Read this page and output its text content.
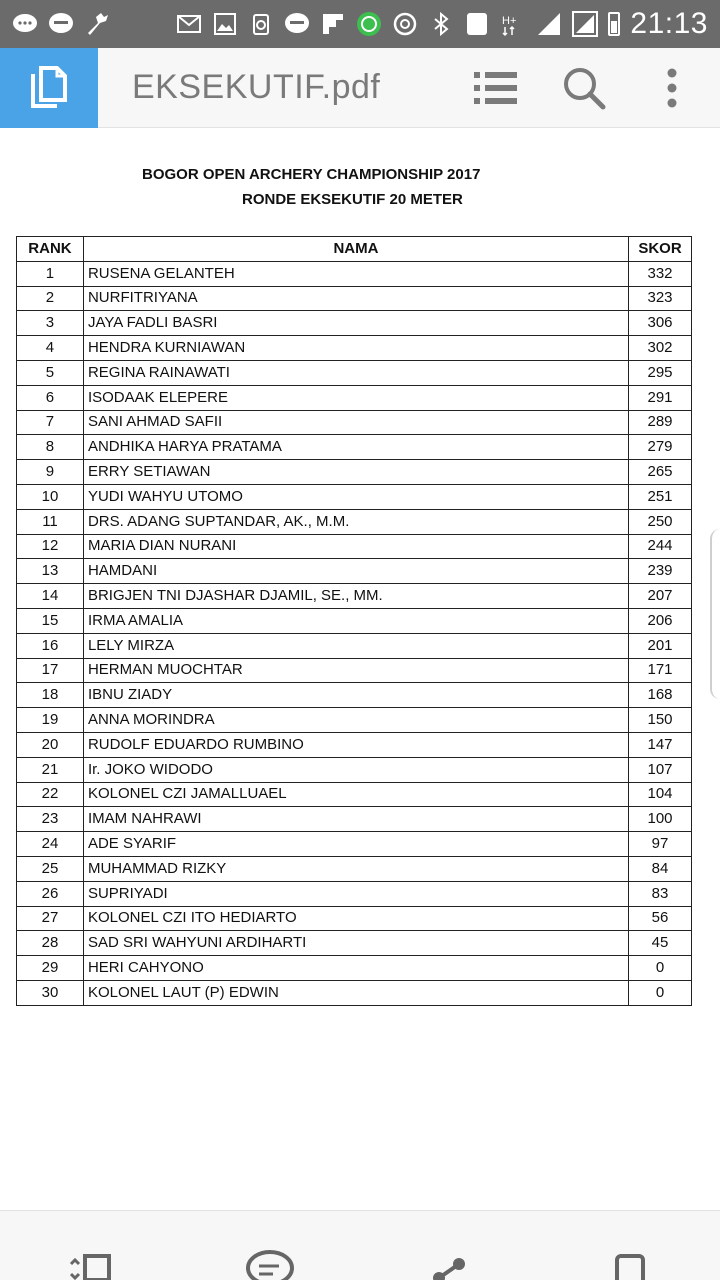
H+	21:13
EKSEKUTIF.pdf
BOGOR OPEN ARCHERY CHAMPIONSHIP 2017
RONDE EKSEKUTIF 20 METER
RANK	NAMA	SKOR
1	RUSENA GELANTEH	332
2	NURFITRIYANA	323
3	JAYA FADLI BASRI	306
4	HENDRA KURNIAWAN	302
5	REGINA RAINAWATI	295
6	ISODAAK ELEPERE	291
7	SANI AHMAD SAFII	289
8	ANDHIKA HARYA PRATAMA	279
9	ERRY SETIAWAN	265
10	YUDI WAHYU UTOMO	251
11	DRS. ADANG SUPTANDAR, AK., M.M.	250
12	MARIA DIAN NURANI	244
13	HAMDANI	239
14	BRIGJEN TNI DJASHAR DJAMIL, SE., MM.	207
15	IRMA AMALIA	206
16	LELY MIRZA	201
17	HERMAN MUOCHTAR	171
18	IBNU ZIADY	168
19	ANNA MORINDRA	150
20	RUDOLF EDUARDO RUMBINO	147
21	Ir. JOKO WIDODO	107
22	KOLONEL CZI JAMALLUAEL	104
23	IMAM NAHRAWI	100
24	ADE SYARIF	97
25	MUHAMMAD RIZKY	84
26	SUPRIYADI	83
27	KOLONEL CZI ITO HEDIARTO	56
28	SAD SRI WAHYUNI ARDIHARTI	45
29	HERI CAHYONO	0
30	KOLONEL LAUT (P) EDWIN	0
